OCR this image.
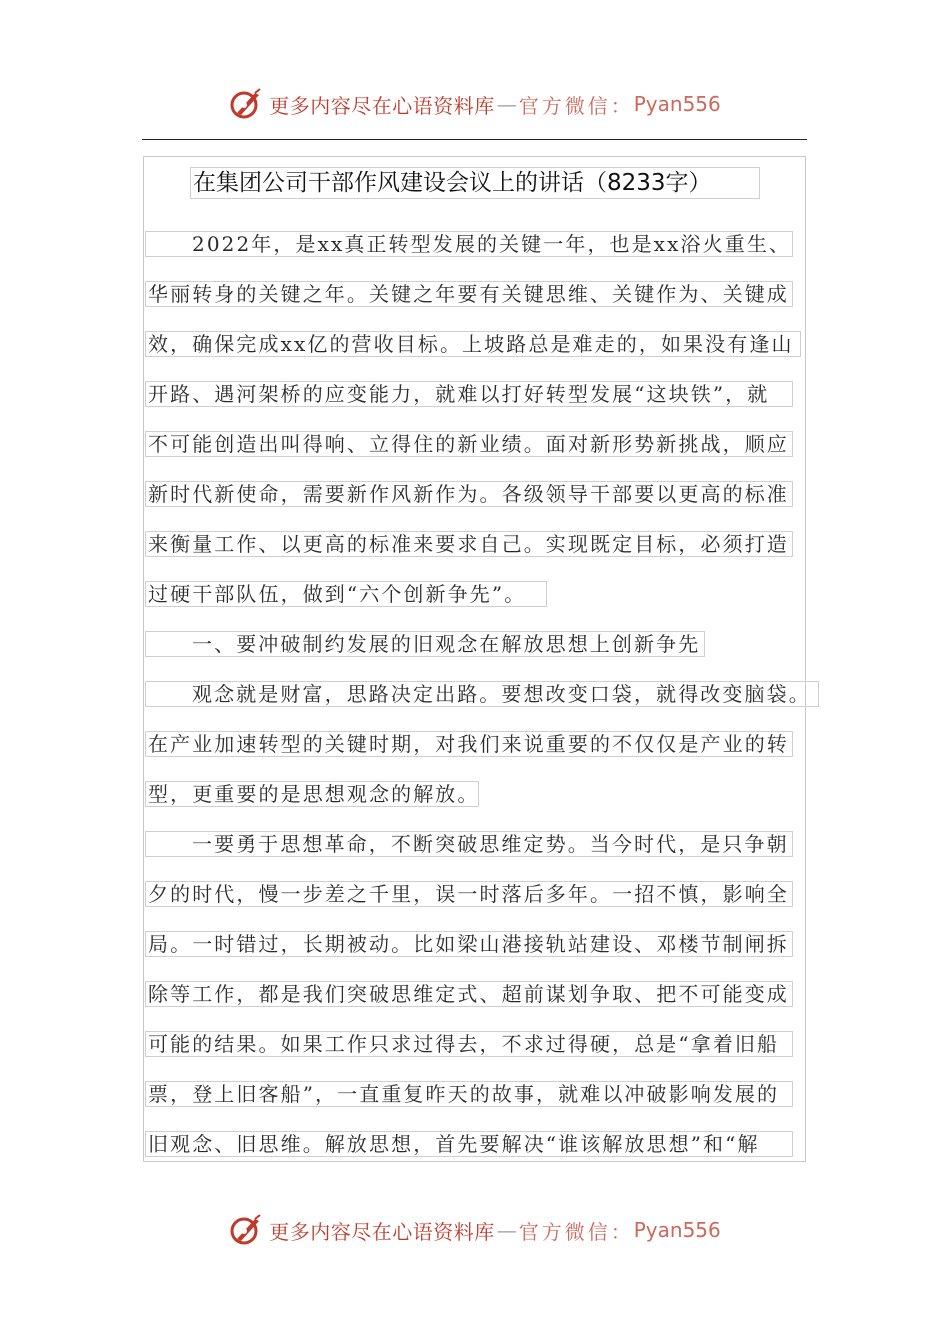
更多内容尽在心语资料库 — 官方微信： Pyan556
在集团公司干部作风建设会议上的讲话（8233字）
2022年，是xx真正转型发展的关键一年，也是xx浴火重生、
华丽转身的关键之年。关键之年要有关键思维、关键作为、关键成
效，确保完成xx亿的营收目标。上坡路总是难走的，如果没有逢山
开路、遇河架桥的应变能力，就难以打好转型发展“这块铁”，就
不可能创造出叫得响、立得住的新业绩。面对新形势新挑战，顺应
新时代新使命，需要新作风新作为。各级领导干部要以更高的标准
来衡量工作、以更高的标准来要求自己。实现既定目标，必须打造
过硬干部队伍，做到“六个创新争先”。
一、要冲破制约发展的旧观念在解放思想上创新争先
观念就是财富，思路决定出路。要想改变口袋，就得改变脑袋。
在产业加速转型的关键时期，对我们来说重要的不仅仅是产业的转
型，更重要的是思想观念的解放。
一要勇于思想革命，不断突破思维定势。当今时代，是只争朝
夕的时代，慢一步差之千里，误一时落后多年。一招不慎，影响全
局。一时错过，长期被动。比如梁山港接轨站建设、邓楼节制闸拆
除等工作，都是我们突破思维定式、超前谋划争取、把不可能变成
可能的结果。如果工作只求过得去，不求过得硬，总是“拿着旧船
票，登上旧客船”，一直重复昨天的故事，就难以冲破影响发展的
旧观念、旧思维。解放思想，首先要解决“谁该解放思想”和“解
更多内容尽在心语资料库 — 官方微信： Pyan556
